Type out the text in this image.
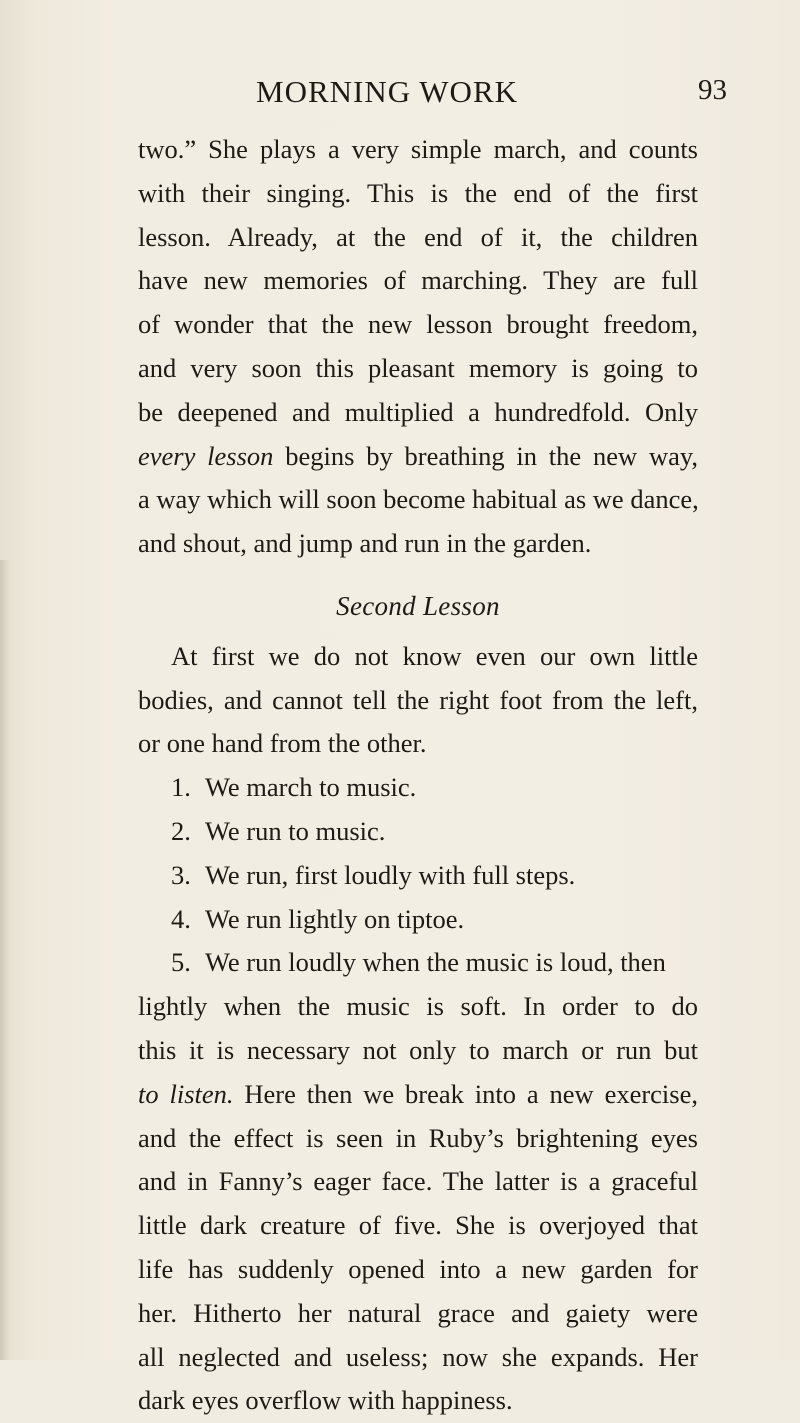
MORNING WORK	93
two.” She plays a very simple march, and counts
with their singing. This is the end of the first
lesson. Already, at the end of it, the children
have new memories of marching. They are full
of wonder that the new lesson brought freedom,
and very soon this pleasant memory is going to
be deepened and multiplied a hundredfold. Only
every lesson begins by breathing in the new way,
a way which will soon become habitual as we dance,
and shout, and jump and run in the garden.
Second Lesson
At first we do not know even our own little
bodies, and cannot tell the right foot from the left,
or one hand from the other.
1. We march to music.
2. We run to music.
3. We run, first loudly with full steps.
4. We run lightly on tiptoe.
5. We run loudly when the music is loud, then
lightly when the music is soft. In order to do
this it is necessary not only to march or run but
to listen. Here then we break into a new exercise,
and the effect is seen in Ruby’s brightening eyes
and in Fanny’s eager face. The latter is a graceful
little dark creature of five. She is overjoyed that
life has suddenly opened into a new garden for
her. Hitherto her natural grace and gaiety were
all neglected and useless; now she expands. Her
dark eyes overflow with happiness.
